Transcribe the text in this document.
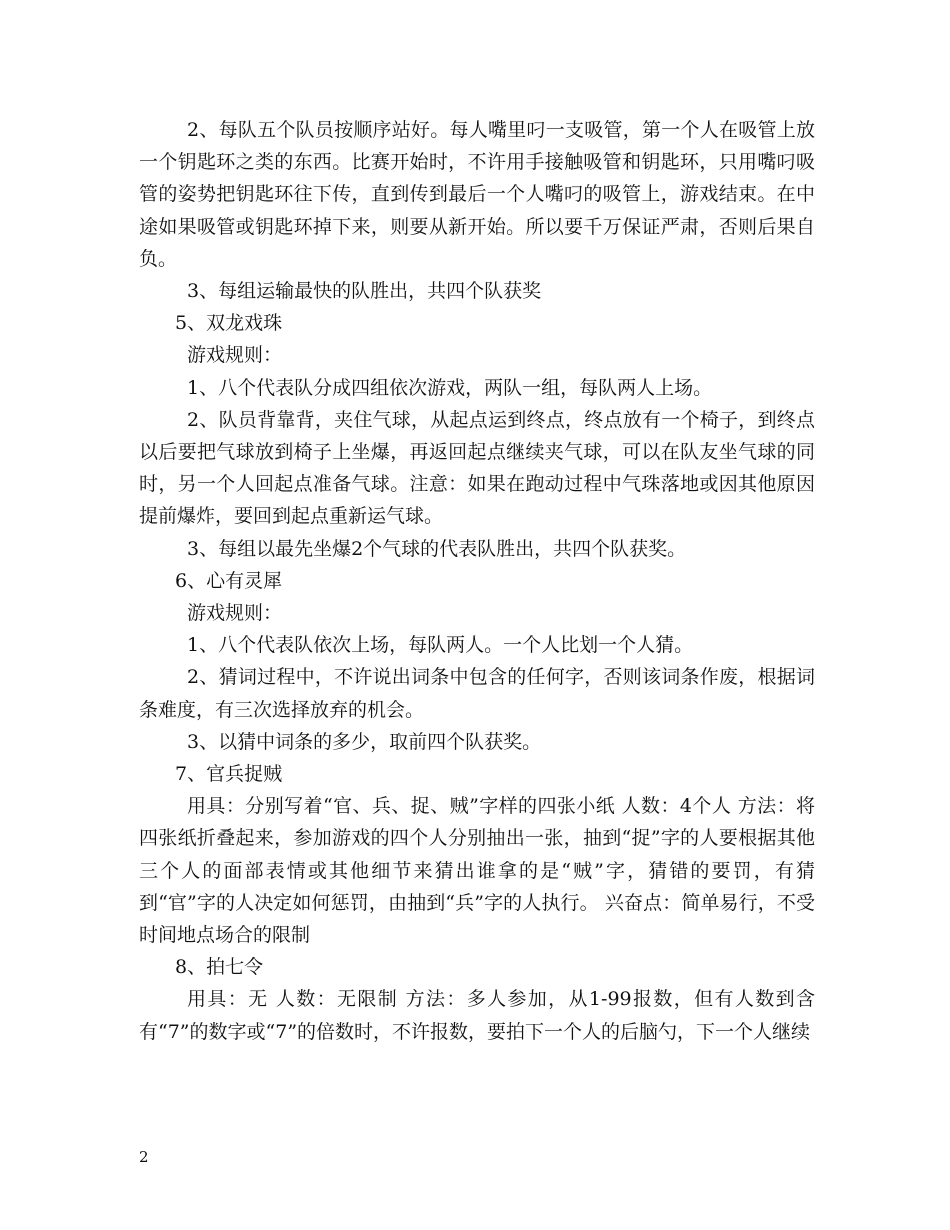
2、每队五个队员按顺序站好。每人嘴里叼一支吸管，第一个人在吸管上放一个钥匙环之类的东西。比赛开始时，不许用手接触吸管和钥匙环，只用嘴叼吸管的姿势把钥匙环往下传，直到传到最后一个人嘴叼的吸管上，游戏结束。在中途如果吸管或钥匙环掉下来，则要从新开始。所以要千万保证严肃，否则后果自负。

3、每组运输最快的队胜出，共四个队获奖

5、双龙戏珠

游戏规则：

1、八个代表队分成四组依次游戏，两队一组，每队两人上场。

2、队员背靠背，夹住气球，从起点运到终点，终点放有一个椅子，到终点以后要把气球放到椅子上坐爆，再返回起点继续夹气球，可以在队友坐气球的同时，另一个人回起点准备气球。注意：如果在跑动过程中气珠落地或因其他原因提前爆炸，要回到起点重新运气球。

3、每组以最先坐爆2个气球的代表队胜出，共四个队获奖。

6、心有灵犀

游戏规则：

1、八个代表队依次上场，每队两人。一个人比划一个人猜。

2、猜词过程中，不许说出词条中包含的任何字，否则该词条作废，根据词条难度，有三次选择放弃的机会。

3、以猜中词条的多少，取前四个队获奖。

7、官兵捉贼

用具：分别写着“官、兵、捉、贼”字样的四张小纸 人数：4个人 方法：将四张纸折叠起来，参加游戏的四个人分别抽出一张，抽到“捉”字的人要根据其他三个人的面部表情或其他细节来猜出谁拿的是“贼”字，猜错的要罚，有猜到“官”字的人决定如何惩罚，由抽到“兵”字的人执行。 兴奋点：简单易行，不受时间地点场合的限制

8、拍七令

用具：无 人数：无限制 方法：多人参加，从1-99报数，但有人数到含有“7”的数字或“7”的倍数时，不许报数，要拍下一个人的后脑勺，下一个人继续

2
